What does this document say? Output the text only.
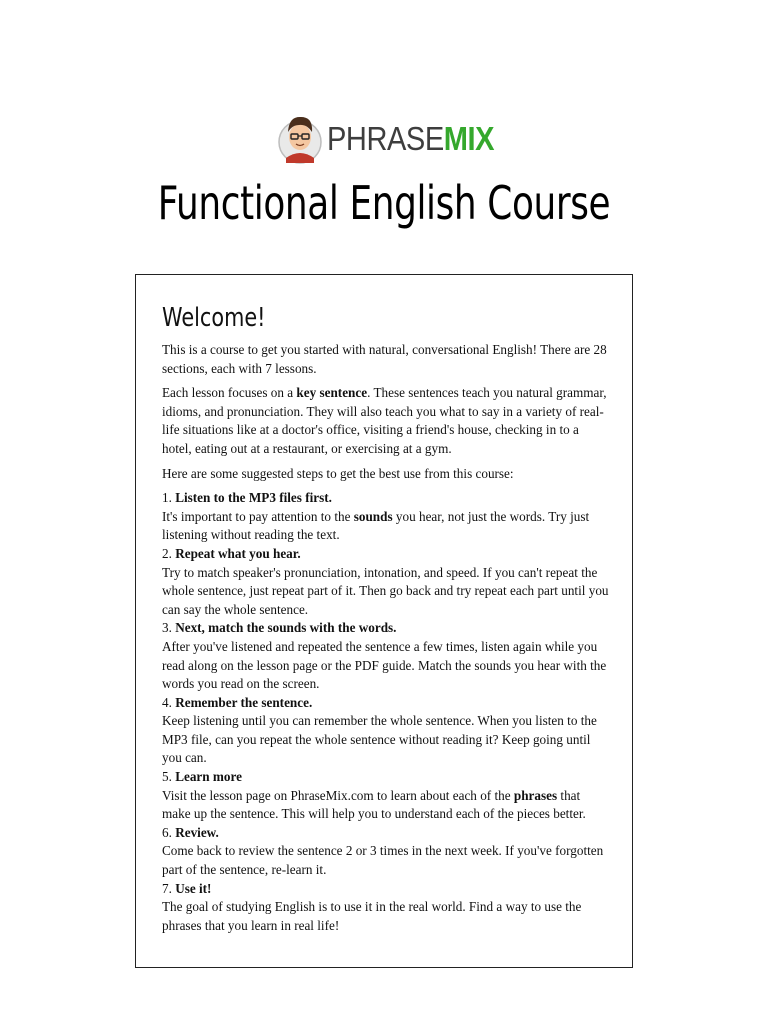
PHRASEMIX
Functional English Course
Welcome!

This is a course to get you started with natural, conversational English! There are 28 sections, each with 7 lessons.

Each lesson focuses on a key sentence. These sentences teach you natural grammar, idioms, and pronunciation. They will also teach you what to say in a variety of real-life situations like at a doctor's office, visiting a friend's house, checking in to a hotel, eating out at a restaurant, or exercising at a gym.

Here are some suggested steps to get the best use from this course:

1. Listen to the MP3 files first.
It's important to pay attention to the sounds you hear, not just the words. Try just listening without reading the text.
2. Repeat what you hear.
Try to match speaker's pronunciation, intonation, and speed. If you can't repeat the whole sentence, just repeat part of it. Then go back and try repeat each part until you can say the whole sentence.
3. Next, match the sounds with the words.
After you've listened and repeated the sentence a few times, listen again while you read along on the lesson page or the PDF guide. Match the sounds you hear with the words you read on the screen.
4. Remember the sentence.
Keep listening until you can remember the whole sentence. When you listen to the MP3 file, can you repeat the whole sentence without reading it? Keep going until you can.
5. Learn more
Visit the lesson page on PhraseMix.com to learn about each of the phrases that make up the sentence. This will help you to understand each of the pieces better.
6. Review.
Come back to review the sentence 2 or 3 times in the next week. If you've forgotten part of the sentence, re-learn it.
7. Use it!
The goal of studying English is to use it in the real world. Find a way to use the phrases that you learn in real life!
